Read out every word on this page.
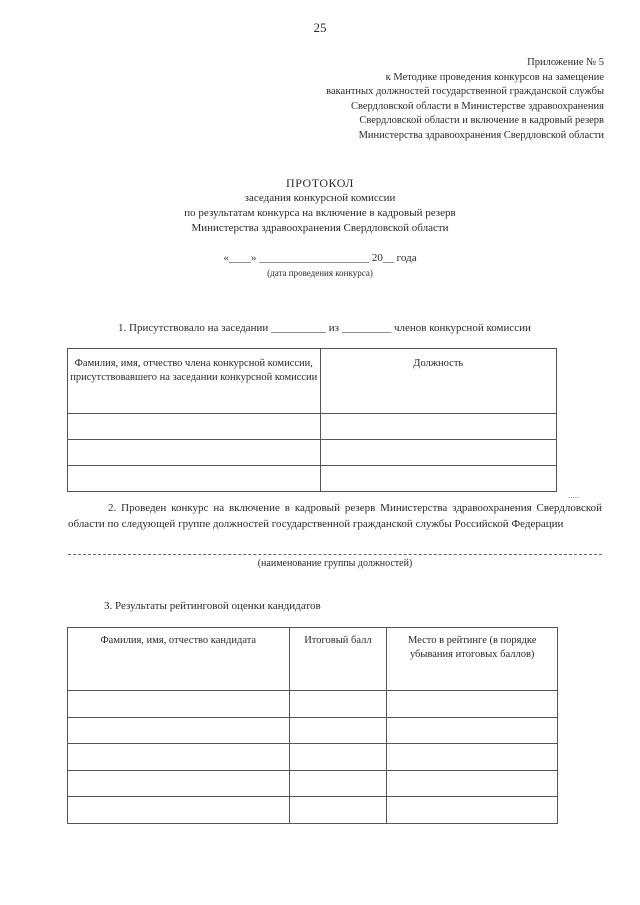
25
Приложение № 5
к Методике проведения конкурсов на замещение
вакантных должностей государственной гражданской службы
Свердловской области в Министерстве здравоохранения
Свердловской области и включение в кадровый резерв
Министерства здравоохранения Свердловской области
ПРОТОКОЛ
заседания конкурсной комиссии
по результатам конкурса на включение в кадровый резерв
Министерства здравоохранения Свердловской области
«____» ____________________ 20__ года
(дата проведения конкурса)
1. Присутствовало на заседании __________ из _________ членов конкурсной комиссии
Фамилия, имя, отчество члена конкурсной комиссии, присутствовавшего на заседании конкурсной комиссии	Должность

.....
2. Проведен конкурс на включение в кадровый резерв Министерства здравоохранения Свердловской области по следующей группе должностей государственной гражданской службы Российской Федерации
(наименование группы должностей)
3. Результаты рейтинговой оценки кандидатов
Фамилия, имя, отчество кандидата	Итоговый балл	Место в рейтинге (в порядке убывания итоговых баллов)
